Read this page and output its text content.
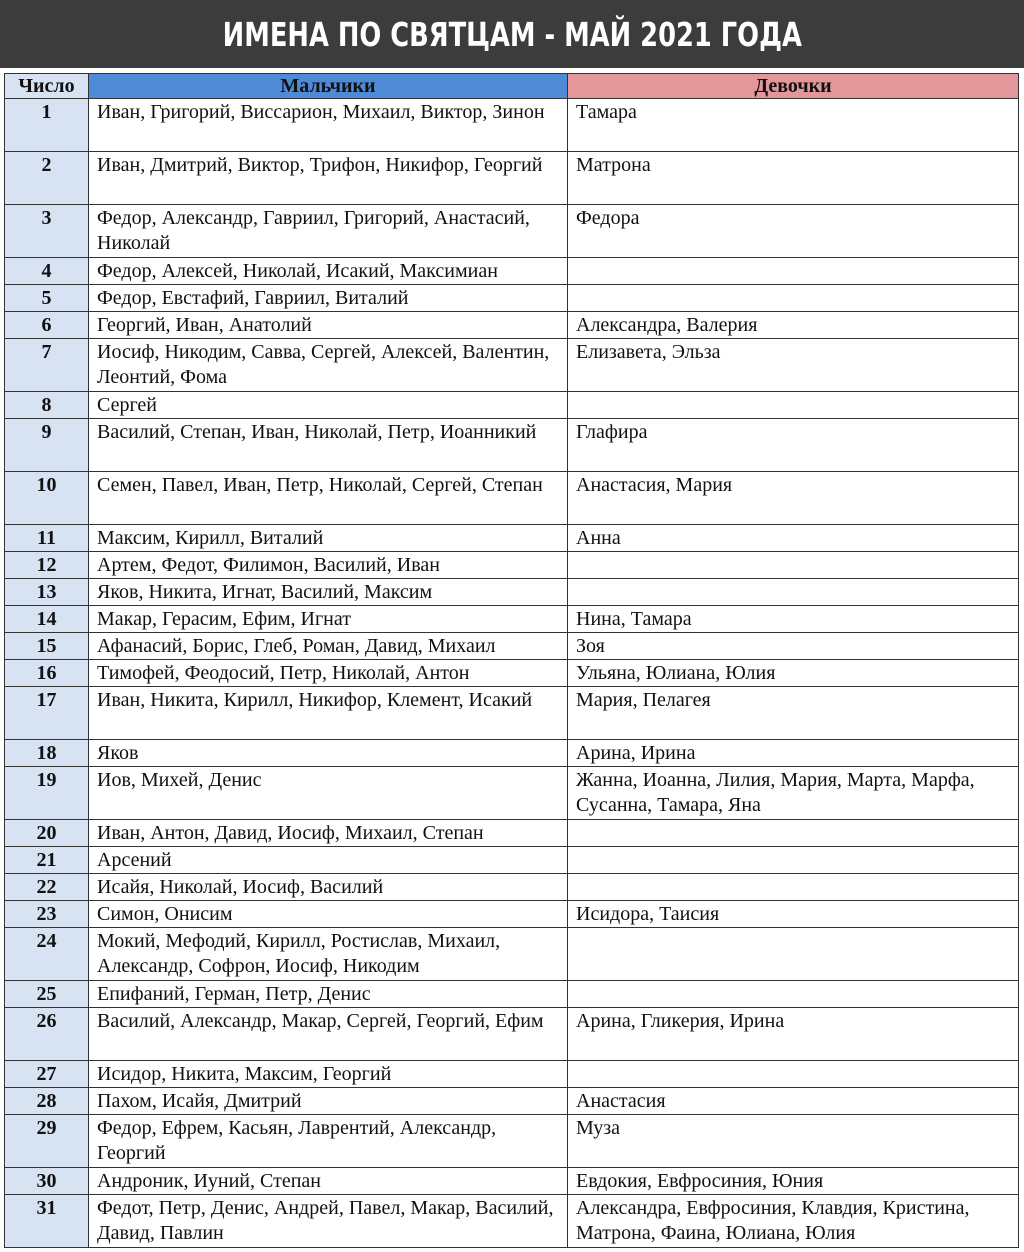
ИМЕНА ПО СВЯТЦАМ - МАЙ 2021 ГОДА
Число	Мальчики	Девочки
1	Иван, Григорий, Виссарион, Михаил, Виктор, Зинон	Тамара
2	Иван, Дмитрий, Виктор, Трифон, Никифор, Георгий	Матрона
3	Федор, Александр, Гавриил, Григорий, Анастасий, Николай	Федора
4	Федор, Алексей, Николай, Исакий, Максимиан	
5	Федор, Евстафий, Гавриил, Виталий	
6	Георгий, Иван, Анатолий	Александра, Валерия
7	Иосиф, Никодим, Савва, Сергей, Алексей, Валентин, Леонтий, Фома	Елизавета, Эльза
8	Сергей	
9	Василий, Степан, Иван, Николай, Петр, Иоанникий	Глафира
10	Семен, Павел, Иван, Петр, Николай, Сергей, Степан	Анастасия, Мария
11	Максим, Кирилл, Виталий	Анна
12	Артем, Федот, Филимон, Василий, Иван	
13	Яков, Никита, Игнат, Василий, Максим	
14	Макар, Герасим, Ефим, Игнат	Нина, Тамара
15	Афанасий, Борис, Глеб, Роман, Давид, Михаил	Зоя
16	Тимофей, Феодосий, Петр, Николай, Антон	Ульяна, Юлиана, Юлия
17	Иван, Никита, Кирилл, Никифор, Клемент, Исакий	Мария, Пелагея
18	Яков	Арина, Ирина
19	Иов, Михей, Денис	Жанна, Иоанна, Лилия, Мария, Марта, Марфа, Сусанна, Тамара, Яна
20	Иван, Антон, Давид, Иосиф, Михаил, Степан	
21	Арсений	
22	Исайя, Николай, Иосиф, Василий	
23	Симон, Онисим	Исидора, Таисия
24	Мокий, Мефодий, Кирилл, Ростислав, Михаил, Александр, Софрон, Иосиф, Никодим	
25	Епифаний, Герман, Петр, Денис	
26	Василий, Александр, Макар, Сергей, Георгий, Ефим	Арина, Гликерия, Ирина
27	Исидор, Никита, Максим, Георгий	
28	Пахом, Исайя, Дмитрий	Анастасия
29	Федор, Ефрем, Касьян, Лаврентий, Александр, Георгий	Муза
30	Андроник, Иуний, Степан	Евдокия, Евфросиния, Юния
31	Федот, Петр, Денис, Андрей, Павел, Макар, Василий, Давид, Павлин	Александра, Евфросиния, Клавдия, Кристина, Матрона, Фаина, Юлиана, Юлия
